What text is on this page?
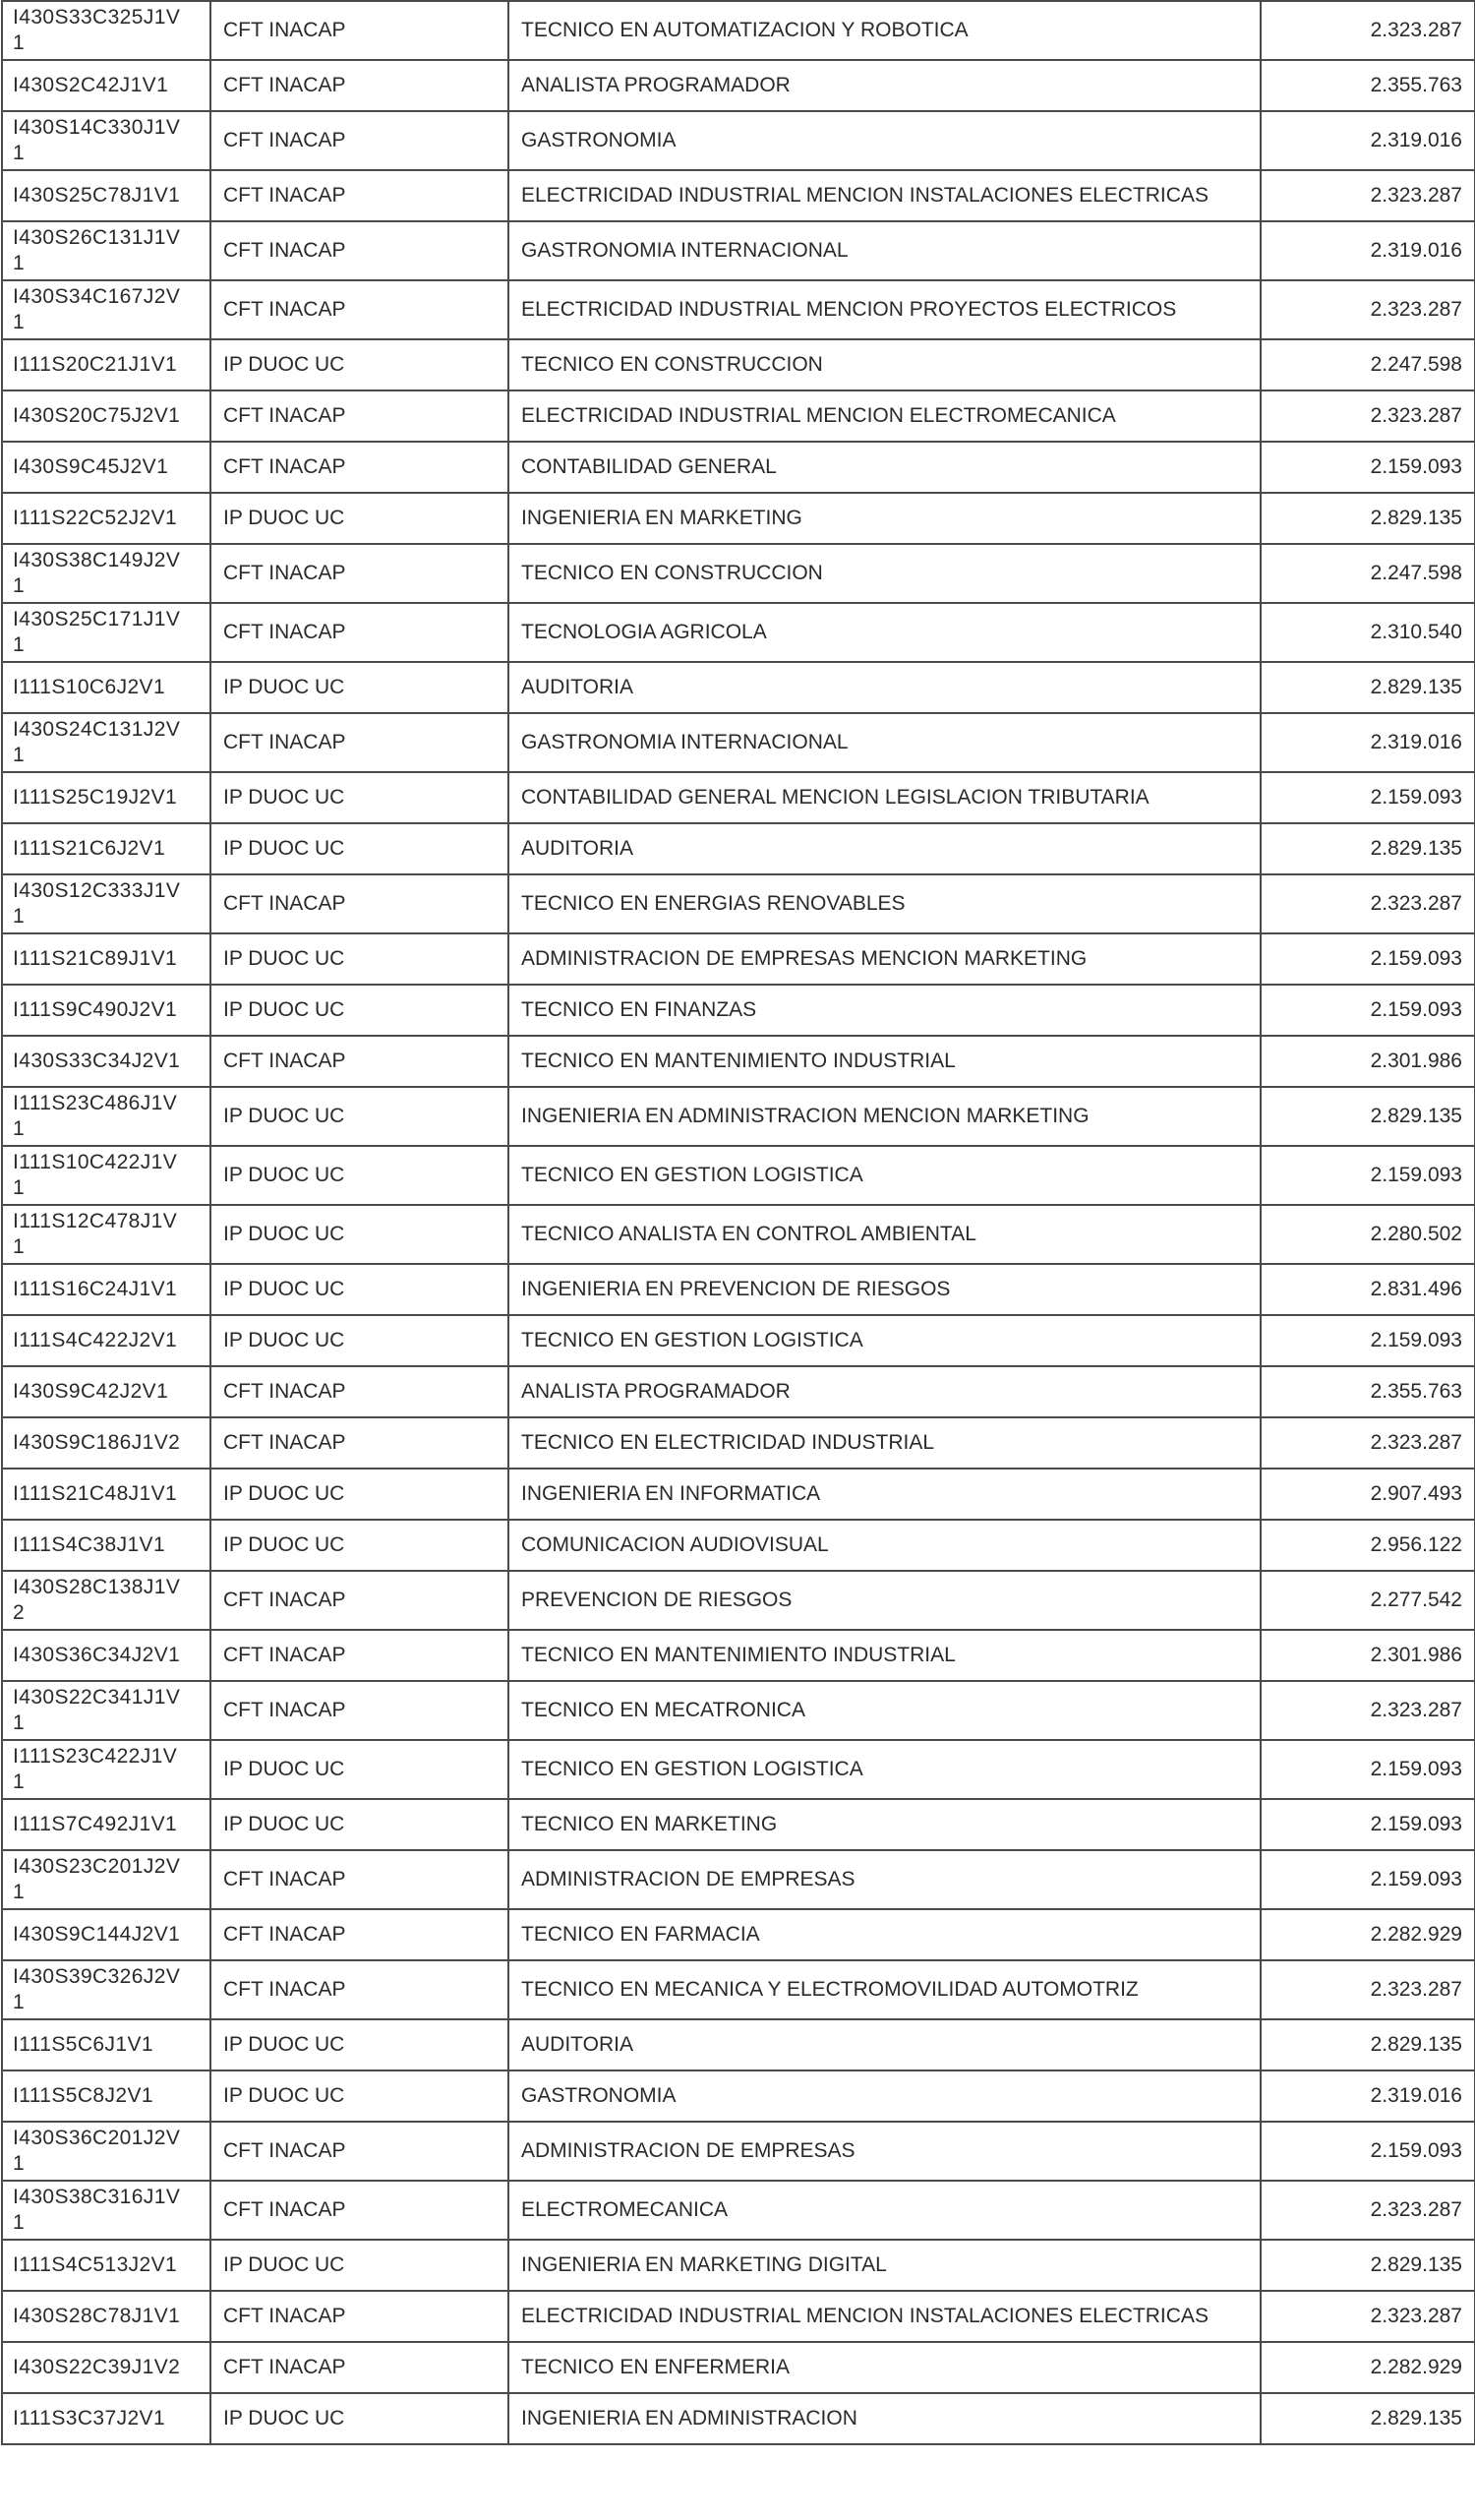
I430S33C325J1V1	CFT INACAP	TECNICO EN AUTOMATIZACION Y ROBOTICA	2.323.287
I430S2C42J1V1	CFT INACAP	ANALISTA PROGRAMADOR	2.355.763
I430S14C330J1V1	CFT INACAP	GASTRONOMIA	2.319.016
I430S25C78J1V1	CFT INACAP	ELECTRICIDAD INDUSTRIAL MENCION INSTALACIONES ELECTRICAS	2.323.287
I430S26C131J1V1	CFT INACAP	GASTRONOMIA INTERNACIONAL	2.319.016
I430S34C167J2V1	CFT INACAP	ELECTRICIDAD INDUSTRIAL MENCION PROYECTOS ELECTRICOS	2.323.287
I111S20C21J1V1	IP DUOC UC	TECNICO EN CONSTRUCCION	2.247.598
I430S20C75J2V1	CFT INACAP	ELECTRICIDAD INDUSTRIAL MENCION ELECTROMECANICA	2.323.287
I430S9C45J2V1	CFT INACAP	CONTABILIDAD GENERAL	2.159.093
I111S22C52J2V1	IP DUOC UC	INGENIERIA EN MARKETING	2.829.135
I430S38C149J2V1	CFT INACAP	TECNICO EN CONSTRUCCION	2.247.598
I430S25C171J1V1	CFT INACAP	TECNOLOGIA AGRICOLA	2.310.540
I111S10C6J2V1	IP DUOC UC	AUDITORIA	2.829.135
I430S24C131J2V1	CFT INACAP	GASTRONOMIA INTERNACIONAL	2.319.016
I111S25C19J2V1	IP DUOC UC	CONTABILIDAD GENERAL MENCION LEGISLACION TRIBUTARIA	2.159.093
I111S21C6J2V1	IP DUOC UC	AUDITORIA	2.829.135
I430S12C333J1V1	CFT INACAP	TECNICO EN ENERGIAS RENOVABLES	2.323.287
I111S21C89J1V1	IP DUOC UC	ADMINISTRACION DE EMPRESAS MENCION MARKETING	2.159.093
I111S9C490J2V1	IP DUOC UC	TECNICO EN FINANZAS	2.159.093
I430S33C34J2V1	CFT INACAP	TECNICO EN MANTENIMIENTO INDUSTRIAL	2.301.986
I111S23C486J1V1	IP DUOC UC	INGENIERIA EN ADMINISTRACION MENCION MARKETING	2.829.135
I111S10C422J1V1	IP DUOC UC	TECNICO EN GESTION LOGISTICA	2.159.093
I111S12C478J1V1	IP DUOC UC	TECNICO ANALISTA EN CONTROL AMBIENTAL	2.280.502
I111S16C24J1V1	IP DUOC UC	INGENIERIA EN PREVENCION DE RIESGOS	2.831.496
I111S4C422J2V1	IP DUOC UC	TECNICO EN GESTION LOGISTICA	2.159.093
I430S9C42J2V1	CFT INACAP	ANALISTA PROGRAMADOR	2.355.763
I430S9C186J1V2	CFT INACAP	TECNICO EN ELECTRICIDAD INDUSTRIAL	2.323.287
I111S21C48J1V1	IP DUOC UC	INGENIERIA EN INFORMATICA	2.907.493
I111S4C38J1V1	IP DUOC UC	COMUNICACION AUDIOVISUAL	2.956.122
I430S28C138J1V2	CFT INACAP	PREVENCION DE RIESGOS	2.277.542
I430S36C34J2V1	CFT INACAP	TECNICO EN MANTENIMIENTO INDUSTRIAL	2.301.986
I430S22C341J1V1	CFT INACAP	TECNICO EN MECATRONICA	2.323.287
I111S23C422J1V1	IP DUOC UC	TECNICO EN GESTION LOGISTICA	2.159.093
I111S7C492J1V1	IP DUOC UC	TECNICO EN MARKETING	2.159.093
I430S23C201J2V1	CFT INACAP	ADMINISTRACION DE EMPRESAS	2.159.093
I430S9C144J2V1	CFT INACAP	TECNICO EN FARMACIA	2.282.929
I430S39C326J2V1	CFT INACAP	TECNICO EN MECANICA Y ELECTROMOVILIDAD AUTOMOTRIZ	2.323.287
I111S5C6J1V1	IP DUOC UC	AUDITORIA	2.829.135
I111S5C8J2V1	IP DUOC UC	GASTRONOMIA	2.319.016
I430S36C201J2V1	CFT INACAP	ADMINISTRACION DE EMPRESAS	2.159.093
I430S38C316J1V1	CFT INACAP	ELECTROMECANICA	2.323.287
I111S4C513J2V1	IP DUOC UC	INGENIERIA EN MARKETING DIGITAL	2.829.135
I430S28C78J1V1	CFT INACAP	ELECTRICIDAD INDUSTRIAL MENCION INSTALACIONES ELECTRICAS	2.323.287
I430S22C39J1V2	CFT INACAP	TECNICO EN ENFERMERIA	2.282.929
I111S3C37J2V1	IP DUOC UC	INGENIERIA EN ADMINISTRACION	2.829.135
